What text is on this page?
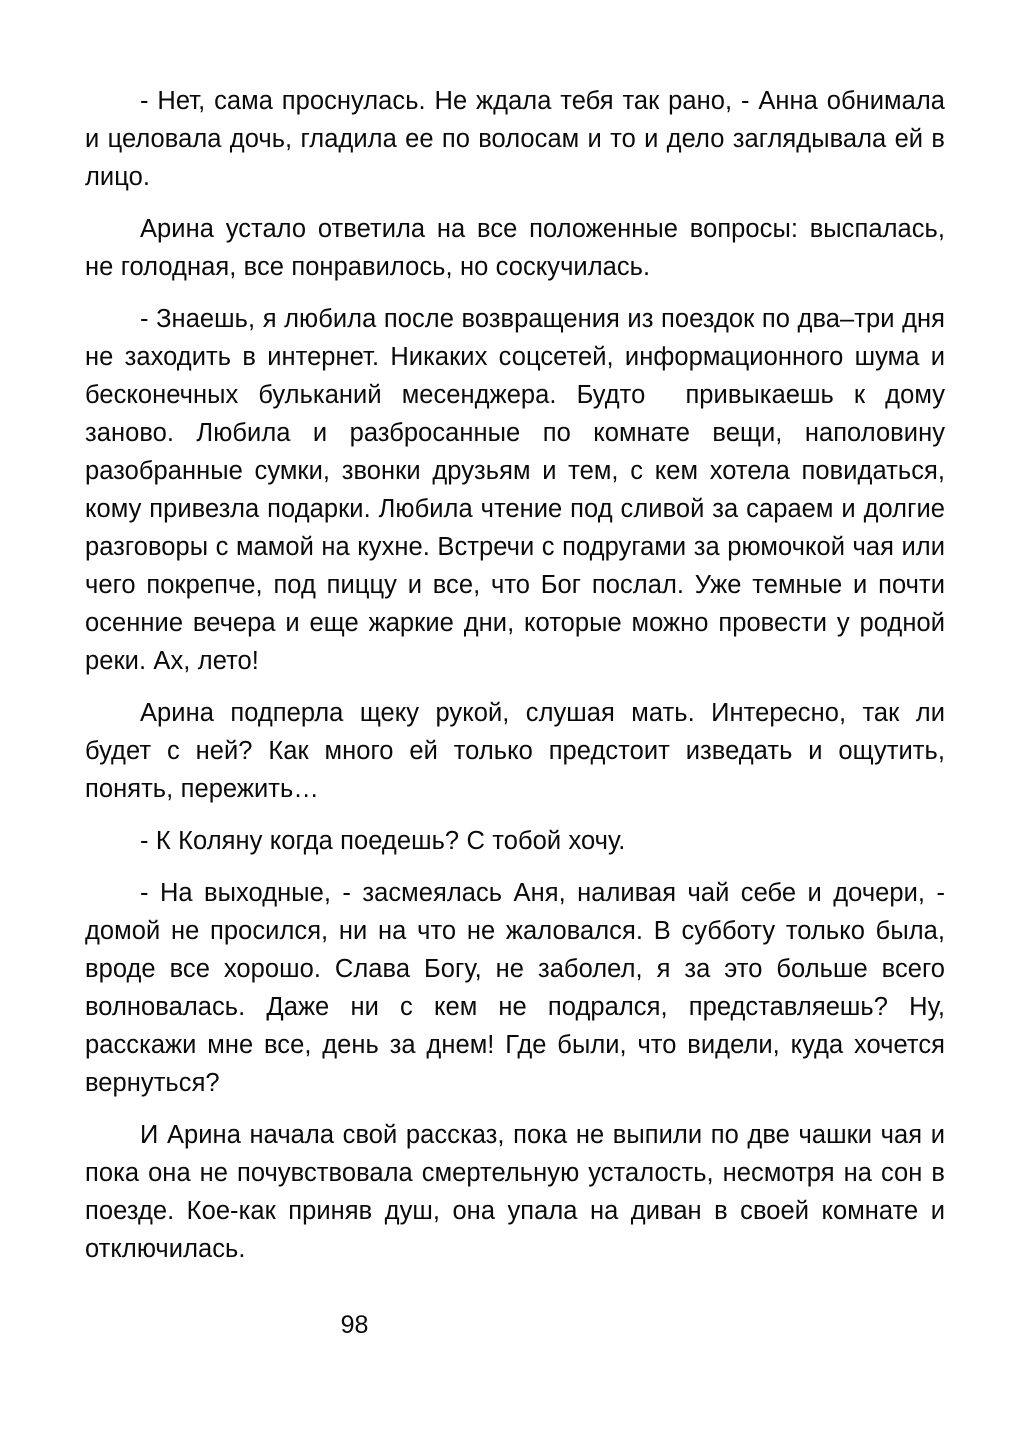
- Нет, сама проснулась. Не ждала тебя так рано, - Анна обнимала и целовала дочь, гладила ее по волосам и то и дело заглядывала ей в лицо.

Арина устало ответила на все положенные вопросы: выспалась, не голодная, все понравилось, но соскучилась.

- Знаешь, я любила после возвращения из поездок по два–три дня не заходить в интернет. Никаких соцсетей, информационного шума и бесконечных бульканий месенджера. Будто  привыкаешь к дому заново. Любила и разбросанные по комнате вещи, наполовину разобранные сумки, звонки друзьям и тем, с кем хотела повидаться, кому привезла подарки. Любила чтение под сливой за сараем и долгие разговоры с мамой на кухне. Встречи с подругами за рюмочкой чая или чего покрепче, под пиццу и все, что Бог послал. Уже темные и почти осенние вечера и еще жаркие дни, которые можно провести у родной реки. Ах, лето!

Арина подперла щеку рукой, слушая мать. Интересно, так ли будет с ней? Как много ей только предстоит изведать и ощутить, понять, пережить…

- К Коляну когда поедешь? С тобой хочу.

- На выходные, - засмеялась Аня, наливая чай себе и дочери, - домой не просился, ни на что не жаловался. В субботу только была, вроде все хорошо. Слава Богу, не заболел, я за это больше всего волновалась. Даже ни с кем не подрался, представляешь? Ну, расскажи мне все, день за днем! Где были, что видели, куда хочется вернуться?

И Арина начала свой рассказ, пока не выпили по две чашки чая и пока она не почувствовала смертельную усталость, несмотря на сон в поезде. Кое-как приняв душ, она упала на диван в своей комнате и отключилась.

98
